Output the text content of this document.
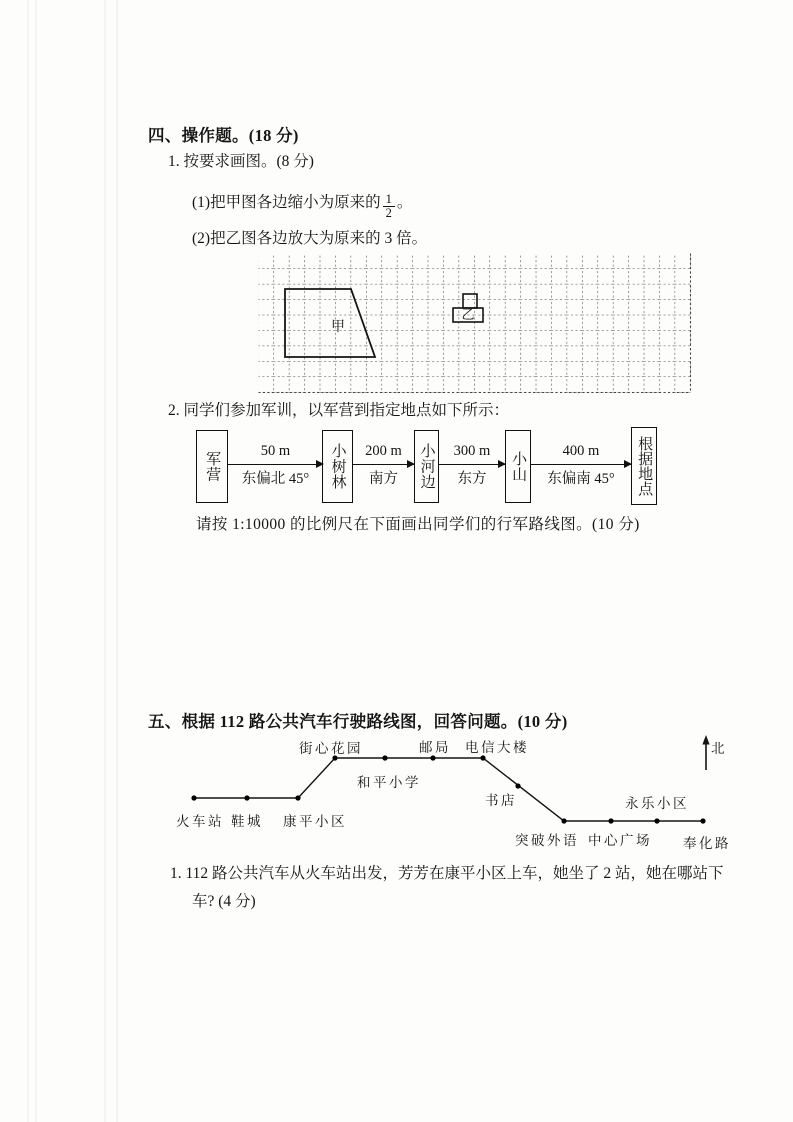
四、操作题。(18 分)
1. 按要求画图。(8 分)
(1)把甲图各边缩小为原来的 $\frac{1}{2}$ 。
(2)把乙图各边放大为原来的 3 倍。
甲
乙
2. 同学们参加军训，以军营到指定地点如下所示：
军营	50 m
东偏北 45°	小树林	200 m
南方	小河边	300 m
东方	小山	400 m
东偏南 45°	根据地点
请按 1:10000 的比例尺在下面画出同学们的行军路线图。(10 分)
五、根据 112 路公共汽车行驶路线图，回答问题。(10 分)
火车站 鞋城 康平小区
街心花园
和平小学
邮局 电信大楼
书店
突破外语 中心广场
永乐小区
奉化路
北
1. 112 路公共汽车从火车站出发，芳芳在康平小区上车，她坐了 2 站，她在哪站下
车? (4 分)
